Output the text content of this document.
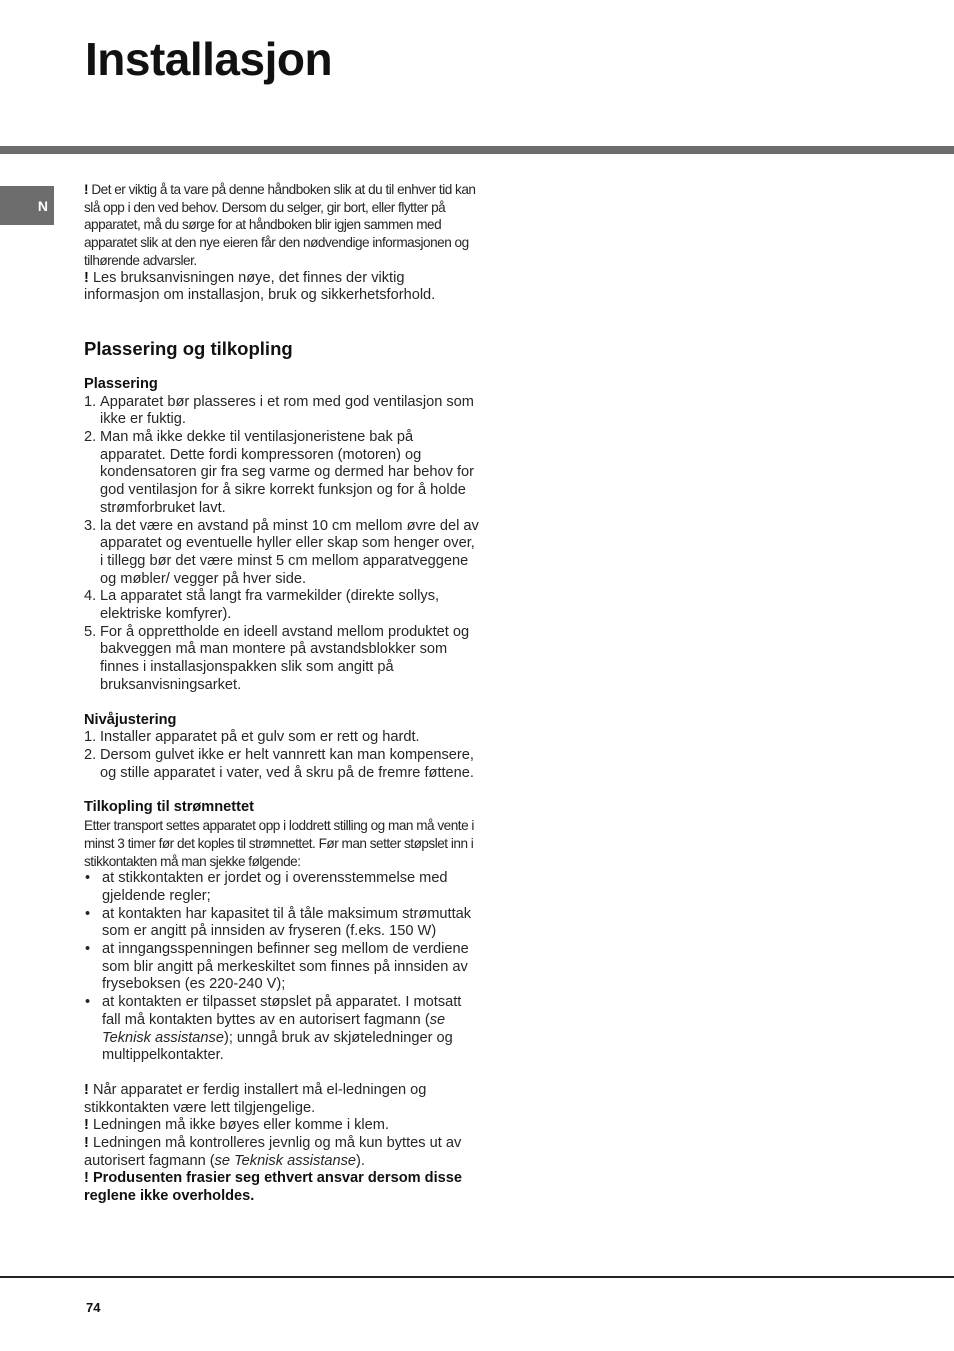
Installasjon
N

! Det er viktig å ta vare på denne håndboken slik at du til enhver tid kan slå opp i den ved behov. Dersom du selger, gir bort, eller flytter på apparatet, må du sørge for at håndboken blir igjen sammen med apparatet slik at den nye eieren får den nødvendige informasjonen og tilhørende advarsler.

! Les bruksanvisningen nøye, det finnes der viktig informasjon om installasjon, bruk og sikkerhetsforhold.

Plassering og tilkopling

Plassering

1. Apparatet bør plasseres i et rom med god ventilasjon som ikke er fuktig.
2. Man må ikke dekke til ventilasjoneristene bak på apparatet. Dette fordi kompressoren (motoren) og kondensatoren gir fra seg varme og dermed har behov for god ventilasjon for å sikre korrekt funksjon og for å holde strømforbruket lavt.
3. la det være en avstand på minst 10 cm mellom øvre del av apparatet og eventuelle hyller eller skap som henger over, i tillegg bør det være minst 5 cm mellom apparatveggene og møbler/ vegger på hver side.
4. La apparatet stå langt fra varmekilder (direkte sollys, elektriske komfyrer).
5. For å opprettholde en ideell avstand mellom produktet og bakveggen må man montere på avstandsblokker som finnes i installasjonspakken slik som angitt på bruksanvisningsarket.

Nivåjustering

1. Installer apparatet på et gulv som er rett og hardt.
2. Dersom gulvet ikke er helt vannrett kan man kompensere, og stille apparatet i vater, ved å skru på de fremre føttene.

Tilkopling til strømnettet

Etter transport settes apparatet opp i loddrett stilling og man må vente i minst 3 timer før det koples til strømnettet. Før man setter støpslet inn i stikkontakten må man sjekke følgende:

• at stikkontakten er jordet og i overensstemmelse med gjeldende regler;
• at kontakten har kapasitet til å tåle maksimum strømuttak som er angitt på innsiden av fryseren (f.eks. 150 W)
• at inngangsspenningen befinner seg mellom de verdiene som blir angitt på merkeskiltet som finnes på innsiden av fryseboksen (es 220-240 V);
• at kontakten er tilpasset støpslet på apparatet. I motsatt fall må kontakten byttes av en autorisert fagmann (se Teknisk assistanse); unngå bruk av skjøteledninger og multippelkontakter.

! Når apparatet er ferdig installert må el-ledningen og stikkontakten være lett tilgjengelige.

! Ledningen må ikke bøyes eller komme i klem.

! Ledningen må kontrolleres jevnlig og må kun byttes ut av autorisert fagmann (se Teknisk assistanse).

! Produsenten frasier seg ethvert ansvar dersom disse reglene ikke overholdes.

74
